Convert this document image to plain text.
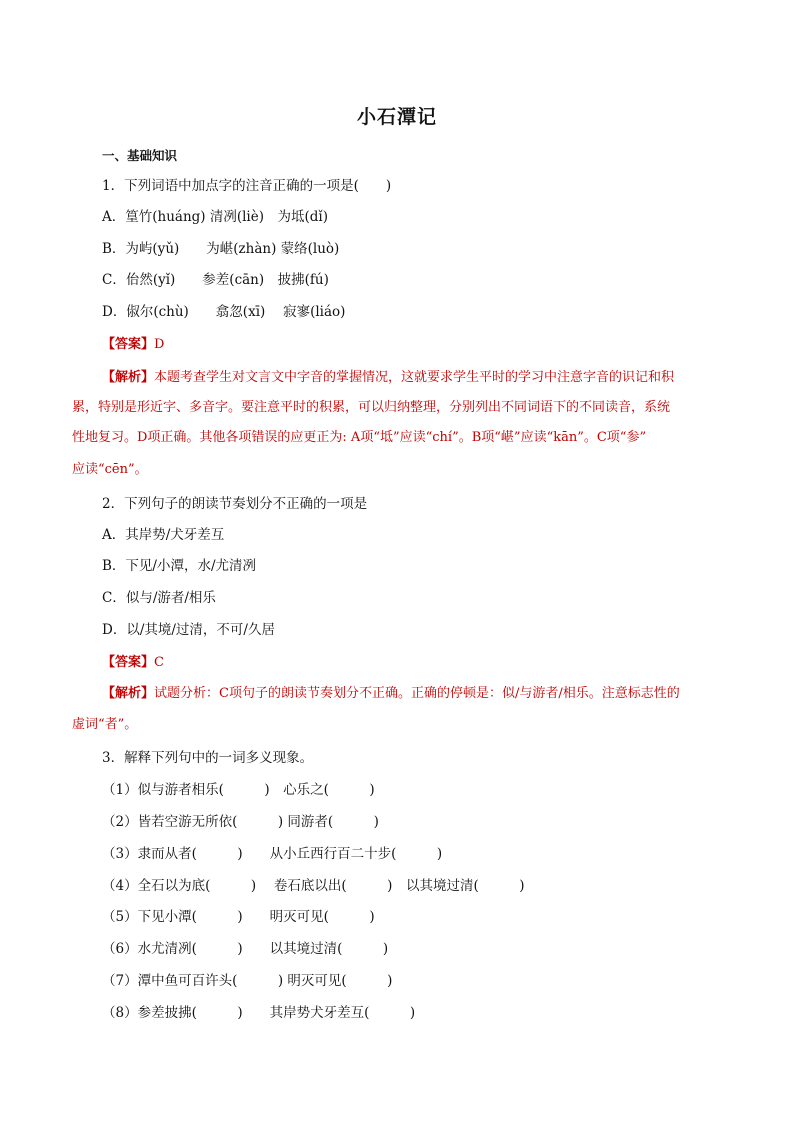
小石潭记
一、基础知识
1．下列词语中加点字的注音正确的一项是(　　)
A．篁竹(huáng) 清冽(liè)　为坻(dǐ)
B．为屿(yǔ)　　为嵁(zhàn) 蒙络(luò)
C．佁然(yǐ)　　参差(cān)　披拂(fú)
D．俶尔(chù)　　翕忽(xī)　 寂寥(liáo)
【答案】D
【解析】本题考查学生对文言文中字音的掌握情况，这就要求学生平时的学习中注意字音的识记和积
累，特别是形近字、多音字。要注意平时的积累，可以归纳整理，分别列出不同词语下的不同读音，系统
性地复习。D项正确。其他各项错误的应更正为: A项“坻”应读“chí”。B项“嵁”应读“kān”。C项“参”
应读“cēn”。
2．下列句子的朗读节奏划分不正确的一项是
A．其岸势/犬牙差互
B．下见/小潭，水/尤清冽
C．似与/游者/相乐
D．以/其境/过清，不可/久居
【答案】C
【解析】试题分析：C项句子的朗读节奏划分不正确。正确的停顿是：似/与游者/相乐。注意标志性的
虚词“者”。
3．解释下列句中的一词多义现象。
（1）似与游者相乐(　　　)　心乐之(　　　)
（2）皆若空游无所依(　　　) 同游者(　　　)
（3）隶而从者(　　　)　　从小丘西行百二十步(　　　)
（4）全石以为底(　　　)　 卷石底以出(　　　)　以其境过清(　　　)
（5）下见小潭(　　　)　　明灭可见(　　　)
（6）水尤清冽(　　　)　　以其境过清(　　　)
（7）潭中鱼可百许头(　　　) 明灭可见(　　　)
（8）参差披拂(　　　)　　其岸势犬牙差互(　　　)
